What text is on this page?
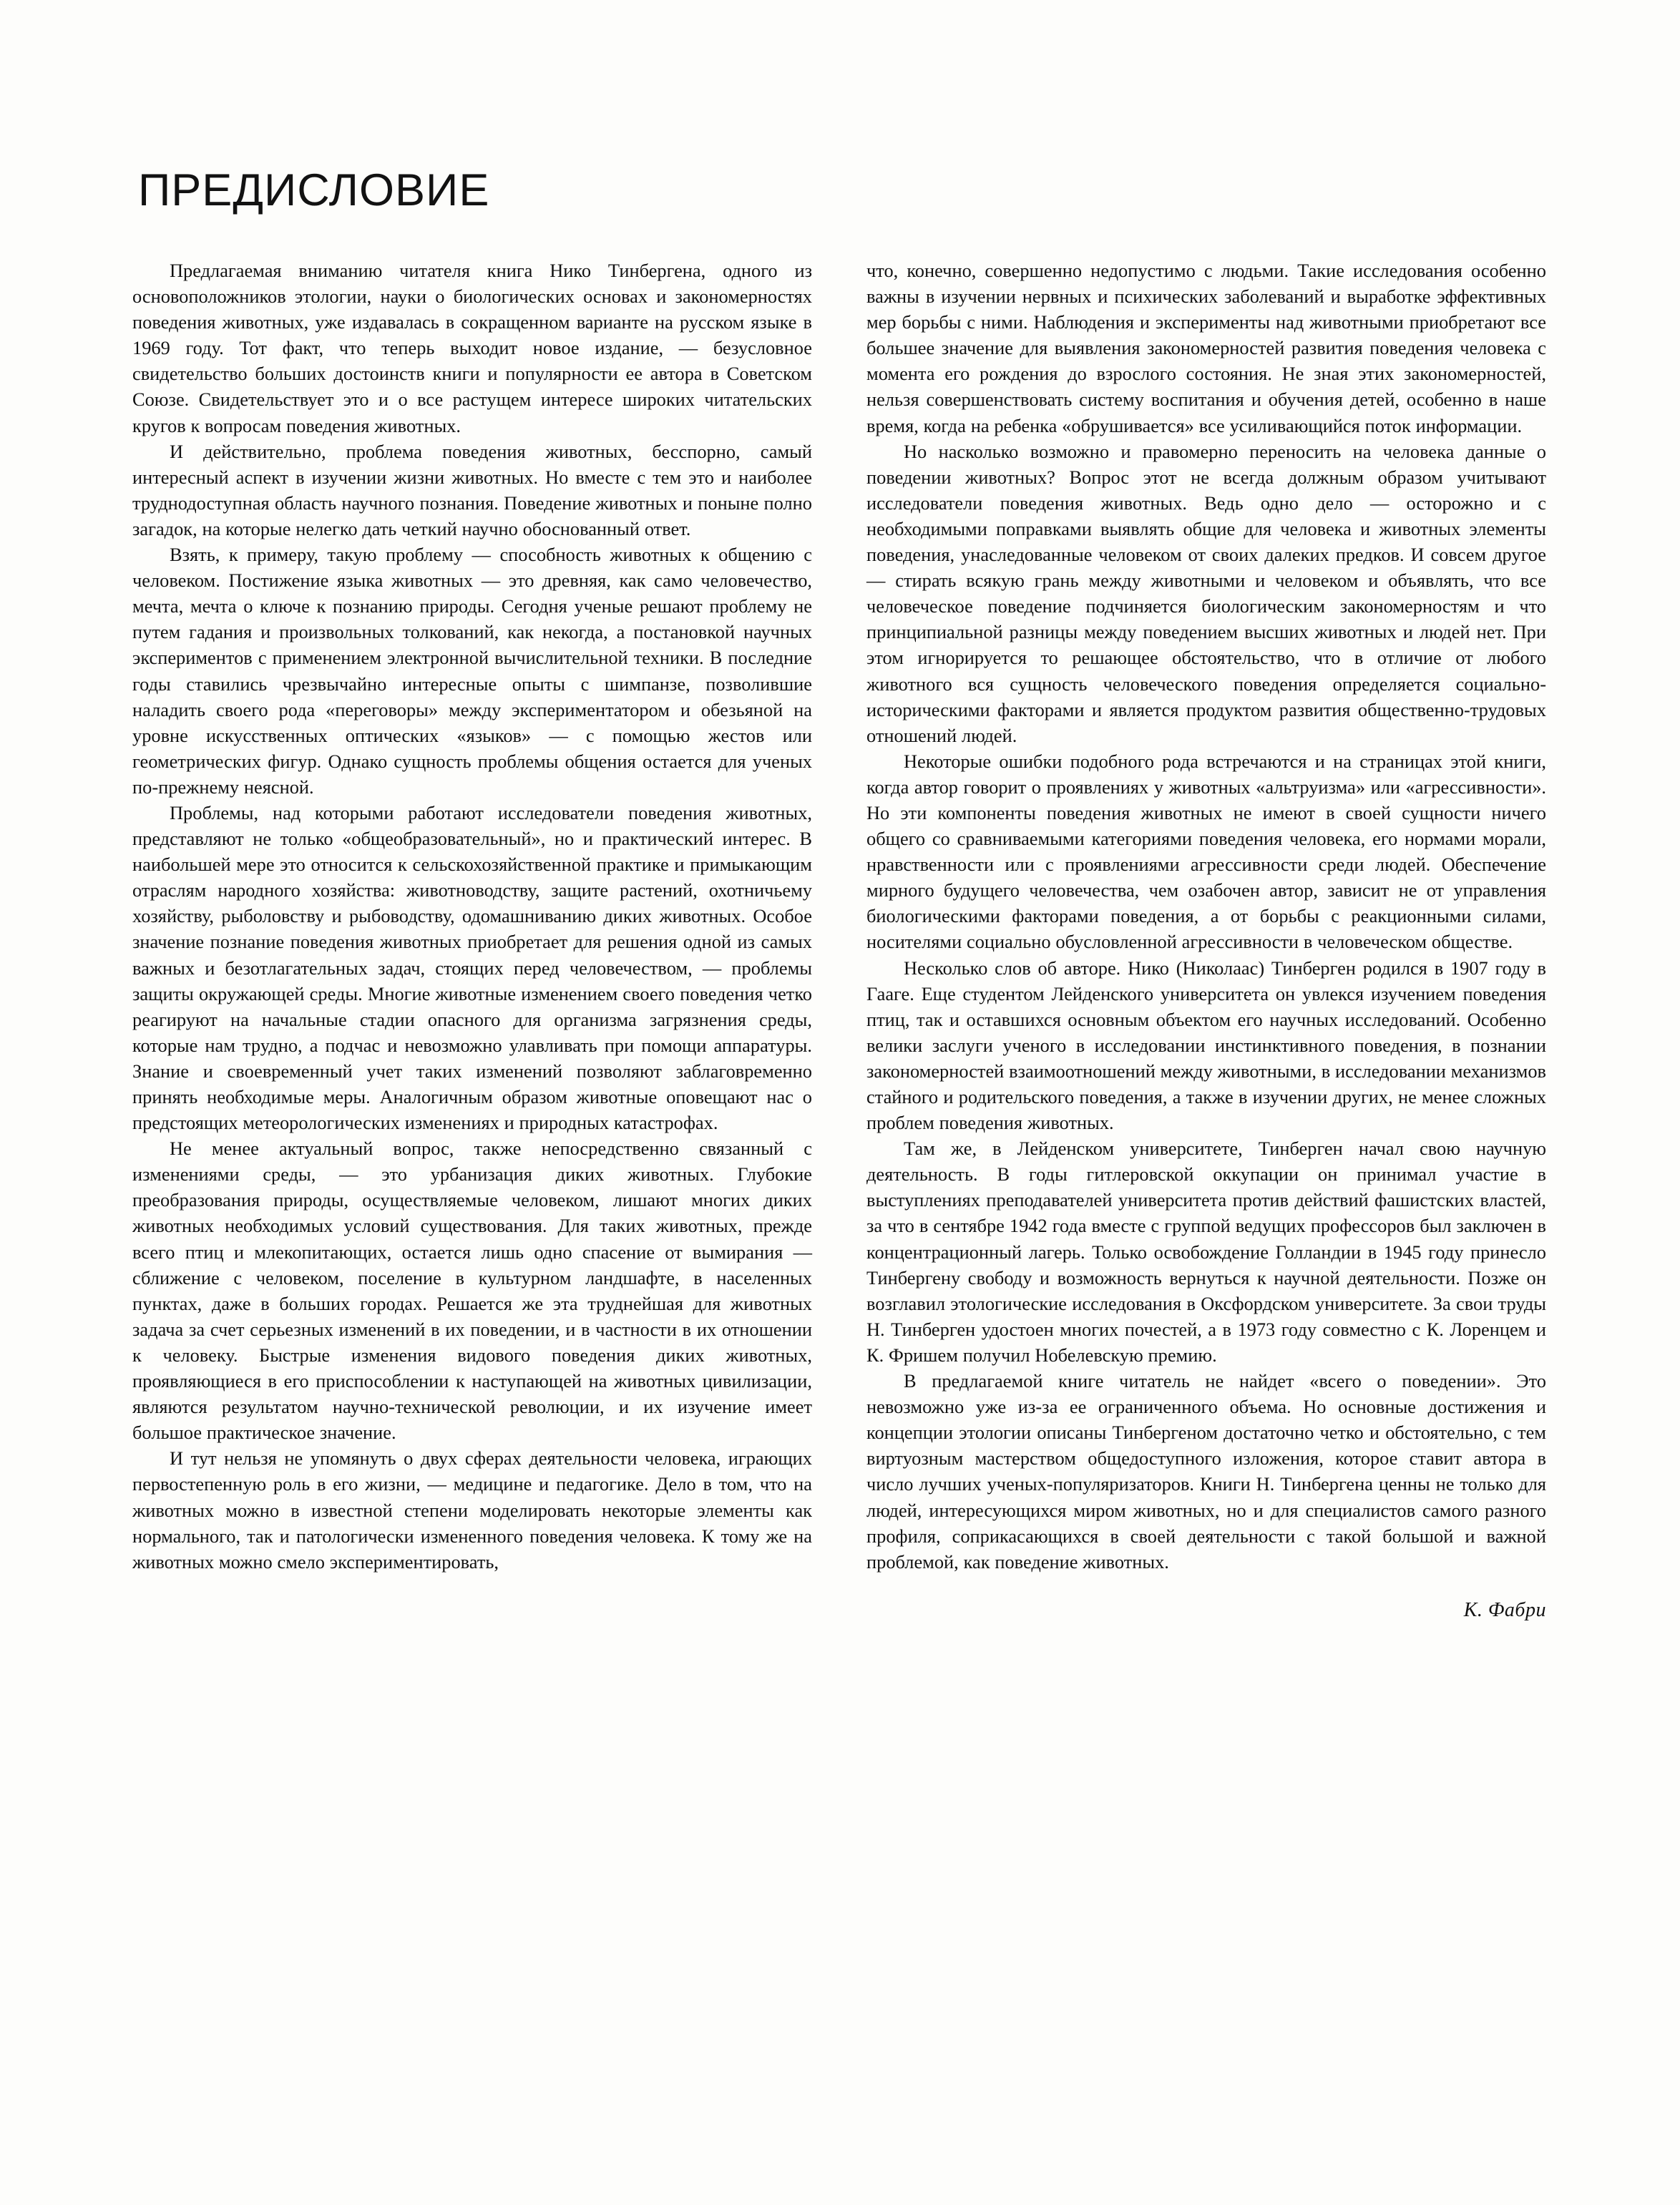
ПРЕДИСЛОВИЕ

Предлагаемая вниманию читателя книга Нико Тинбергена, одного из основоположников этологии, науки о биологических основах и закономерностях поведения животных, уже издавалась в сокращенном варианте на русском языке в 1969 году. Тот факт, что теперь выходит новое издание, — безусловное свидетельство больших достоинств книги и популярности ее автора в Советском Союзе. Свидетельствует это и о все растущем интересе широких читательских кругов к вопросам поведения животных.

И действительно, проблема поведения животных, бесспорно, самый интересный аспект в изучении жизни животных. Но вместе с тем это и наиболее труднодоступная область научного познания. Поведение животных и поныне полно загадок, на которые нелегко дать четкий научно обоснованный ответ.

Взять, к примеру, такую проблему — способность животных к общению с человеком. Постижение языка животных — это древняя, как само человечество, мечта, мечта о ключе к познанию природы. Сегодня ученые решают проблему не путем гадания и произвольных толкований, как некогда, а постановкой научных экспериментов с применением электронной вычислительной техники. В последние годы ставились чрезвычайно интересные опыты с шимпанзе, позволившие наладить своего рода «переговоры» между экспериментатором и обезьяной на уровне искусственных оптических «языков» — с помощью жестов или геометрических фигур. Однако сущность проблемы общения остается для ученых по-прежнему неясной.

Проблемы, над которыми работают исследователи поведения животных, представляют не только «общеобразовательный», но и практический интерес. В наибольшей мере это относится к сельскохозяйственной практике и примыкающим отраслям народного хозяйства: животноводству, защите растений, охотничьему хозяйству, рыболовству и рыбоводству, одомашниванию диких животных. Особое значение познание поведения животных приобретает для решения одной из самых важных и безотлагательных задач, стоящих перед человечеством, — проблемы защиты окружающей среды. Многие животные изменением своего поведения четко реагируют на начальные стадии опасного для организма загрязнения среды, которые нам трудно, а подчас и невозможно улавливать при помощи аппаратуры. Знание и своевременный учет таких изменений позволяют заблаговременно принять необходимые меры. Аналогичным образом животные оповещают нас о предстоящих метеорологических изменениях и природных катастрофах.

Не менее актуальный вопрос, также непосредственно связанный с изменениями среды, — это урбанизация диких животных. Глубокие преобразования природы, осуществляемые человеком, лишают многих диких животных необходимых условий существования. Для таких животных, прежде всего птиц и млекопитающих, остается лишь одно спасение от вымирания — сближение с человеком, поселение в культурном ландшафте, в населенных пунктах, даже в больших городах. Решается же эта труднейшая для животных задача за счет серьезных изменений в их поведении, и в частности в их отношении к человеку. Быстрые изменения видового поведения диких животных, проявляющиеся в его приспособлении к наступающей на животных цивилизации, являются результатом научно-технической революции, и их изучение имеет большое практическое значение.

И тут нельзя не упомянуть о двух сферах деятельности человека, играющих первостепенную роль в его жизни, — медицине и педагогике. Дело в том, что на животных можно в известной степени моделировать некоторые элементы как нормального, так и патологически измененного поведения человека. К тому же на животных можно смело экспериментировать,

что, конечно, совершенно недопустимо с людьми. Такие исследования особенно важны в изучении нервных и психических заболеваний и выработке эффективных мер борьбы с ними. Наблюдения и эксперименты над животными приобретают все большее значение для выявления закономерностей развития поведения человека с момента его рождения до взрослого состояния. Не зная этих закономерностей, нельзя совершенствовать систему воспитания и обучения детей, особенно в наше время, когда на ребенка «обрушивается» все усиливающийся поток информации.

Но насколько возможно и правомерно переносить на человека данные о поведении животных? Вопрос этот не всегда должным образом учитывают исследователи поведения животных. Ведь одно дело — осторожно и с необходимыми поправками выявлять общие для человека и животных элементы поведения, унаследованные человеком от своих далеких предков. И совсем другое — стирать всякую грань между животными и человеком и объявлять, что все человеческое поведение подчиняется биологическим закономерностям и что принципиальной разницы между поведением высших животных и людей нет. При этом игнорируется то решающее обстоятельство, что в отличие от любого животного вся сущность человеческого поведения определяется социально-историческими факторами и является продуктом развития общественно-трудовых отношений людей.

Некоторые ошибки подобного рода встречаются и на страницах этой книги, когда автор говорит о проявлениях у животных «альтруизма» или «агрессивности». Но эти компоненты поведения животных не имеют в своей сущности ничего общего со сравниваемыми категориями поведения человека, его нормами морали, нравственности или с проявлениями агрессивности среди людей. Обеспечение мирного будущего человечества, чем озабочен автор, зависит не от управления биологическими факторами поведения, а от борьбы с реакционными силами, носителями социально обусловленной агрессивности в человеческом обществе.

Несколько слов об авторе. Нико (Николаас) Тинберген родился в 1907 году в Гааге. Еще студентом Лейденского университета он увлекся изучением поведения птиц, так и оставшихся основным объектом его научных исследований. Особенно велики заслуги ученого в исследовании инстинктивного поведения, в познании закономерностей взаимоотношений между животными, в исследовании механизмов стайного и родительского поведения, а также в изучении других, не менее сложных проблем поведения животных.

Там же, в Лейденском университете, Тинберген начал свою научную деятельность. В годы гитлеровской оккупации он принимал участие в выступлениях преподавателей университета против действий фашистских властей, за что в сентябре 1942 года вместе с группой ведущих профессоров был заключен в концентрационный лагерь. Только освобождение Голландии в 1945 году принесло Тинбергену свободу и возможность вернуться к научной деятельности. Позже он возглавил этологические исследования в Оксфордском университете. За свои труды Н. Тинберген удостоен многих почестей, а в 1973 году совместно с К. Лоренцем и К. Фришем получил Нобелевскую премию.

В предлагаемой книге читатель не найдет «всего о поведении». Это невозможно уже из-за ее ограниченного объема. Но основные достижения и концепции этологии описаны Тинбергеном достаточно четко и обстоятельно, с тем виртуозным мастерством общедоступного изложения, которое ставит автора в число лучших ученых-популяризаторов. Книги Н. Тинбергена ценны не только для людей, интересующихся миром животных, но и для специалистов самого разного профиля, соприкасающихся в своей деятельности с такой большой и важной проблемой, как поведение животных.

К. Фабри
